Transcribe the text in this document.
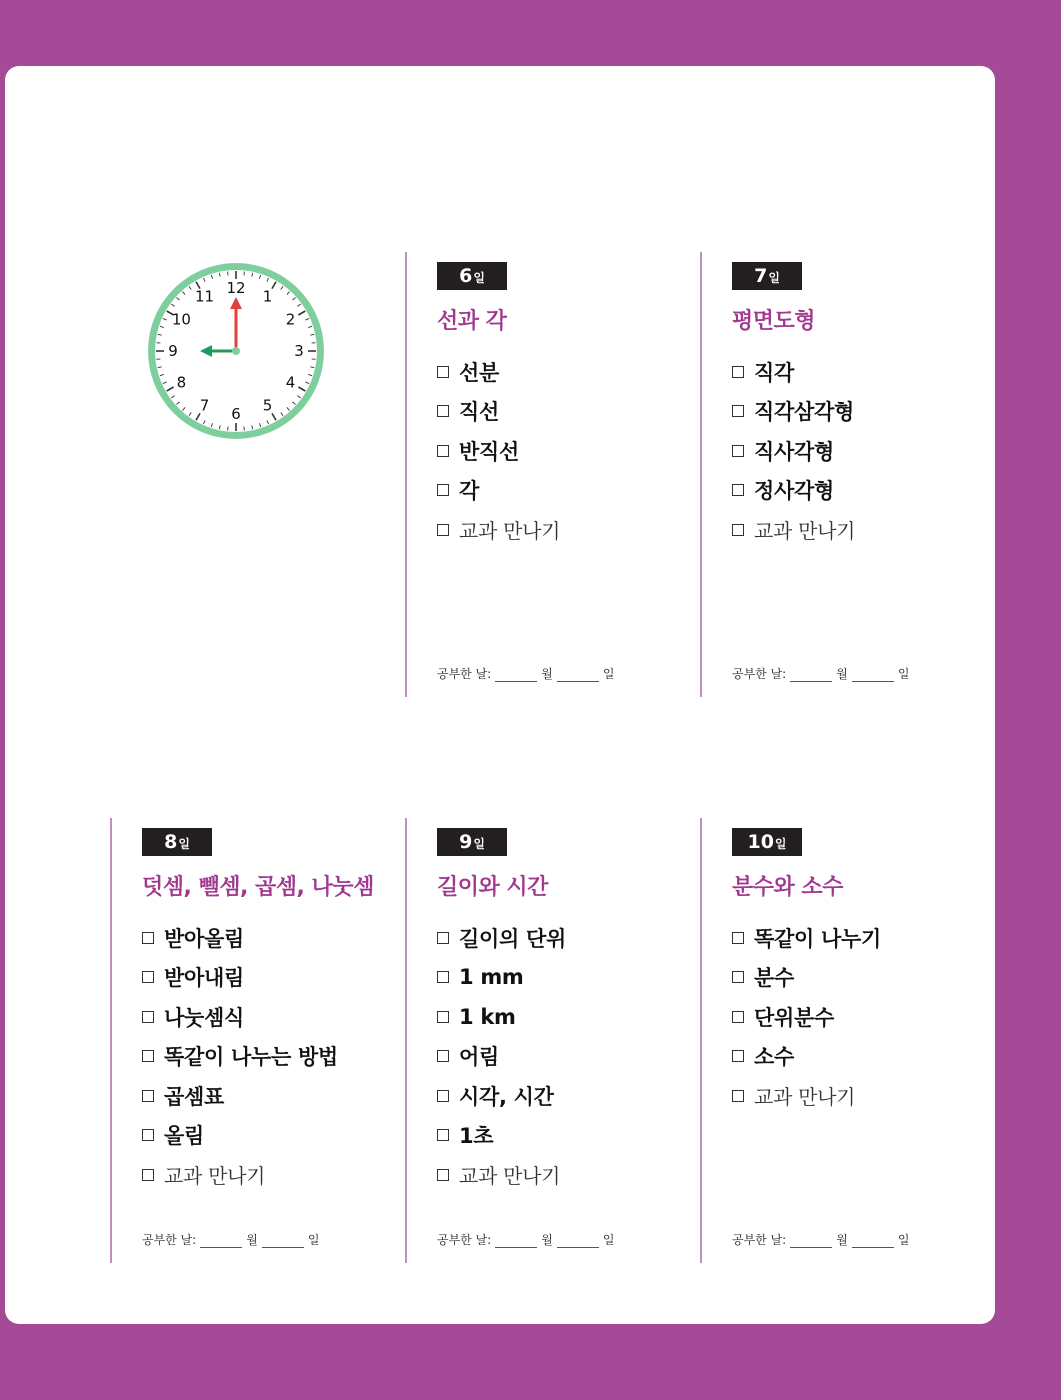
12 1
2
3
4
5
6
7
8
9
10
11
6 일
선과 각
선분
직선
반직선
각
교과 만나기
공부한 날:	월	일
7 일
평면도형
직각
직각삼각형
직사각형
정사각형
교과 만나기
공부한 날:	월	일
8 일
덧셈, 뺄셈, 곱셈, 나눗셈
받아올림
받아내림
나눗셈식
똑같이 나누는 방법
곱셈표
올림
교과 만나기
공부한 날:	월	일
9 일
길이와 시간
길이의 단위
1 mm
1 km
어림
시각, 시간
1초
교과 만나기
공부한 날:	월	일
10 일
분수와 소수
똑같이 나누기
분수
단위분수
소수
교과 만나기
공부한 날:	월	일
